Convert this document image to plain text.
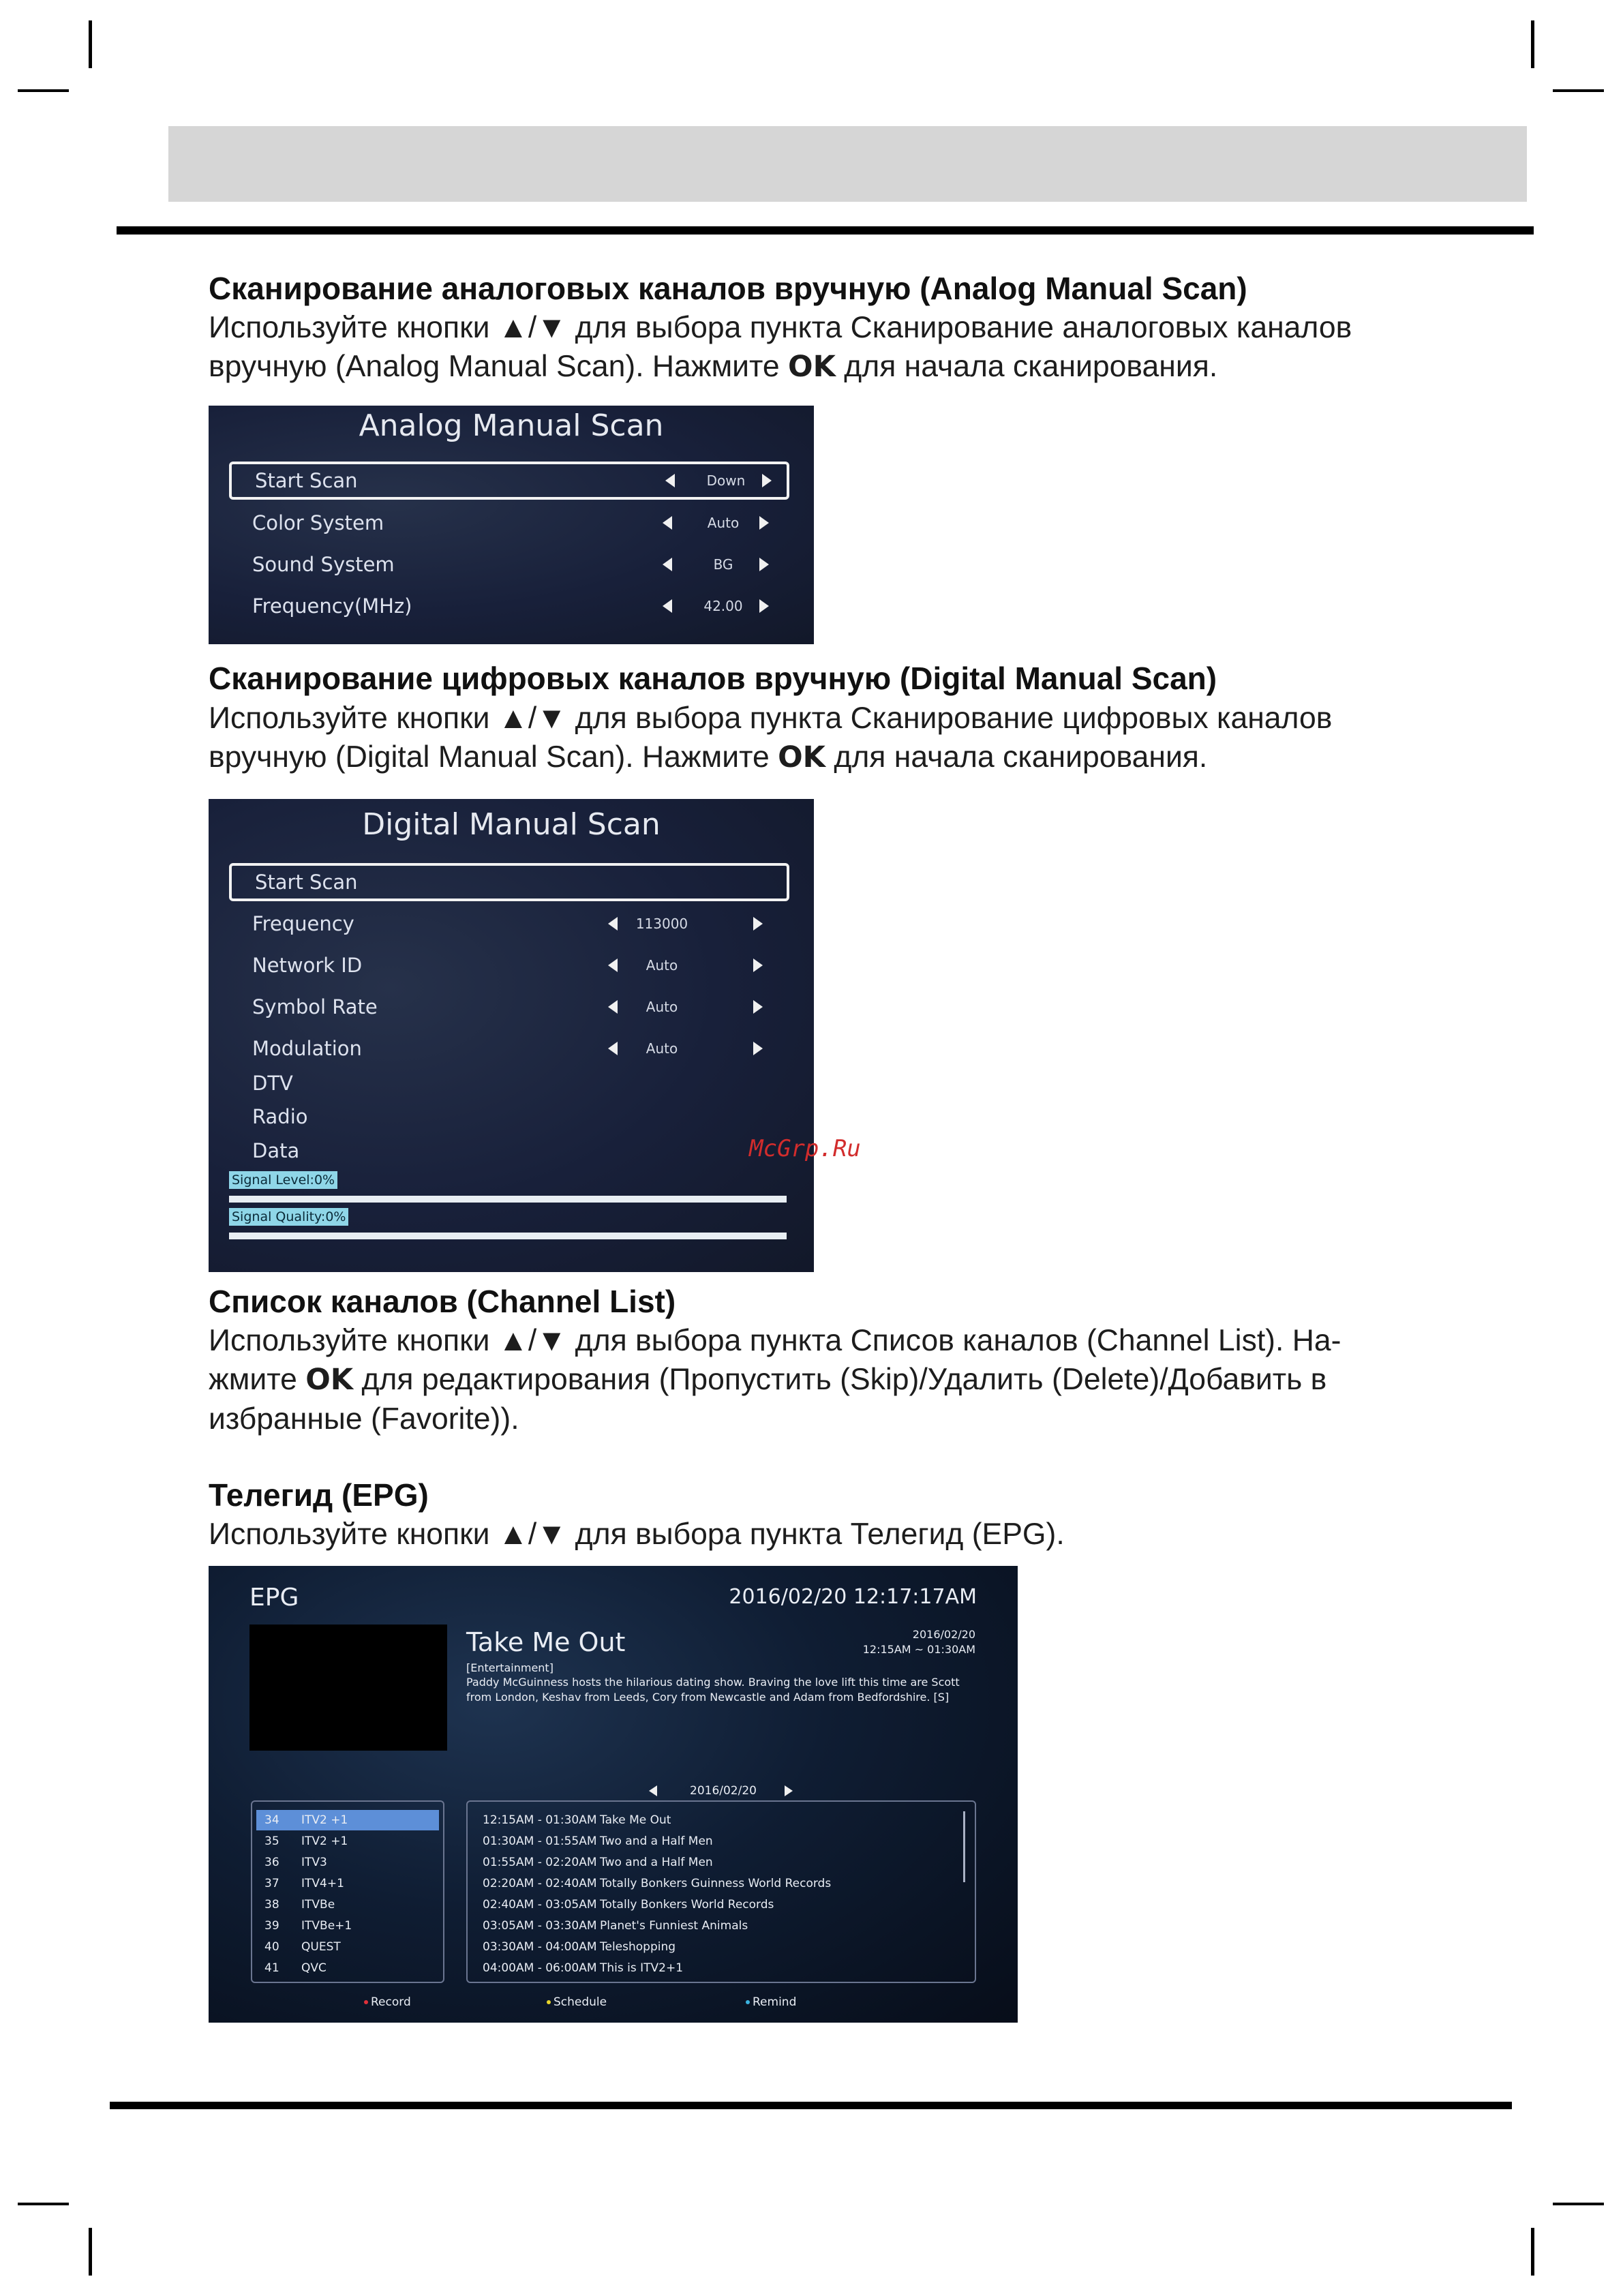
Сканирование аналоговых каналов вручную (Analog Manual Scan)
Используйте кнопки ▲/▼ для выбора пункта Сканирование аналоговых каналов
вручную (Analog Manual Scan). Нажмите OK для начала сканирования.
Analog Manual Scan
Start Scan	Down
Color System	Auto
Sound System	BG
Frequency(MHz)	42.00
Сканирование цифровых каналов вручную (Digital Manual Scan)
Используйте кнопки ▲/▼ для выбора пункта Сканирование цифровых каналов
вручную (Digital Manual Scan). Нажмите OK для начала сканирования.
Digital Manual Scan
Start Scan
Frequency	113000
Network ID	Auto
Symbol Rate	Auto
Modulation	Auto
DTV
Radio
Data
Signal Level:0%
Signal Quality:0%
McGrp.Ru
Список каналов (Channel List)
Используйте кнопки ▲/▼ для выбора пункта Списов каналов (Channel List). На-
жмите OK для редактирования (Пропустить (Skip)/Удалить (Delete)/Добавить в
избранные (Favorite)).
Телегид (EPG)
Используйте кнопки ▲/▼ для выбора пункта Телегид (EPG).
EPG	2016/02/20 12:17:17AM
Take Me Out	2016/02/20
12:15AM ~ 01:30AM
[Entertainment]
Paddy McGuinness hosts the hilarious dating show. Braving the love lift this time are Scott from London, Keshav from Leeds, Cory from Newcastle and Adam from Bedfordshire. [S]
2016/02/20
34 ITV2 +1
35 ITV2 +1
36 ITV3
37 ITV4+1
38 ITVBe
39 ITVBe+1
40 QUEST
41 QVC
12:15AM - 01:30AM Take Me Out
01:30AM - 01:55AM Two and a Half Men
01:55AM - 02:20AM Two and a Half Men
02:20AM - 02:40AM Totally Bonkers Guinness World Records
02:40AM - 03:05AM Totally Bonkers World Records
03:05AM - 03:30AM Planet's Funniest Animals
03:30AM - 04:00AM Teleshopping
04:00AM - 06:00AM This is ITV2+1
Record	Schedule	Remind
